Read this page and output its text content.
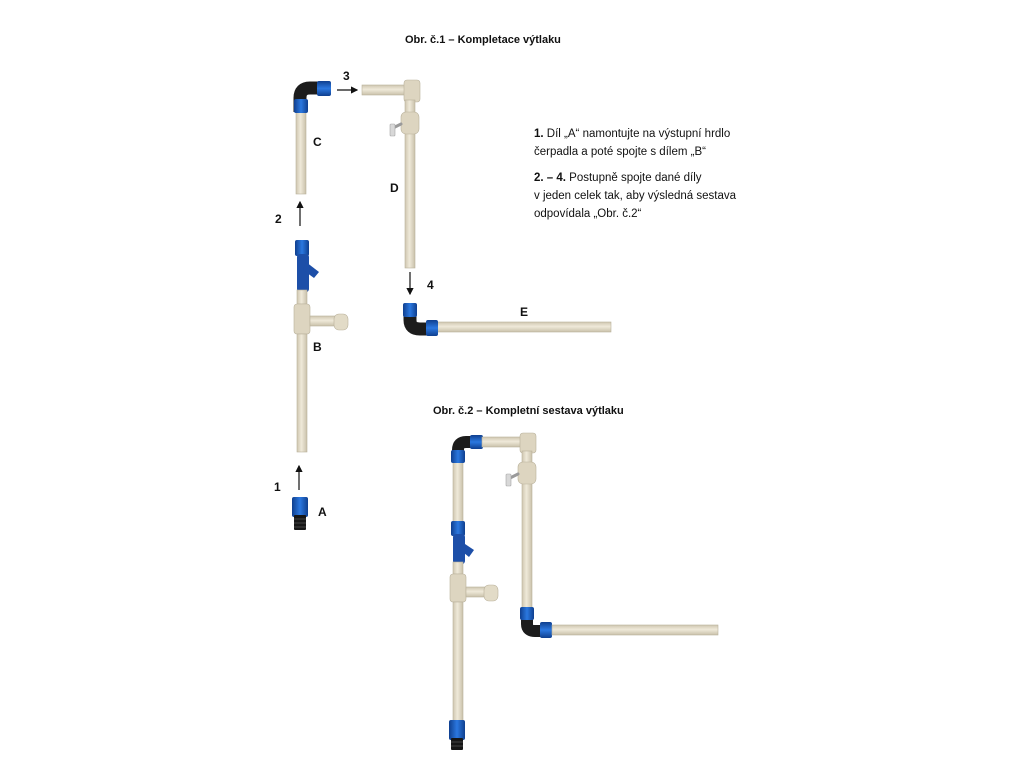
Obr. č.1 – Kompletace výtlaku
C
3
D
4
E
2
B
1
A
Obr. č.2 – Kompletní sestava výtlaku
1. Díl „A“ namontujte na výstupní hrdlo
čerpadla a poté spojte s dílem „B“
2. – 4. Postupně spojte dané díly
v jeden celek tak, aby výsledná sestava
odpovídala „Obr. č.2“
